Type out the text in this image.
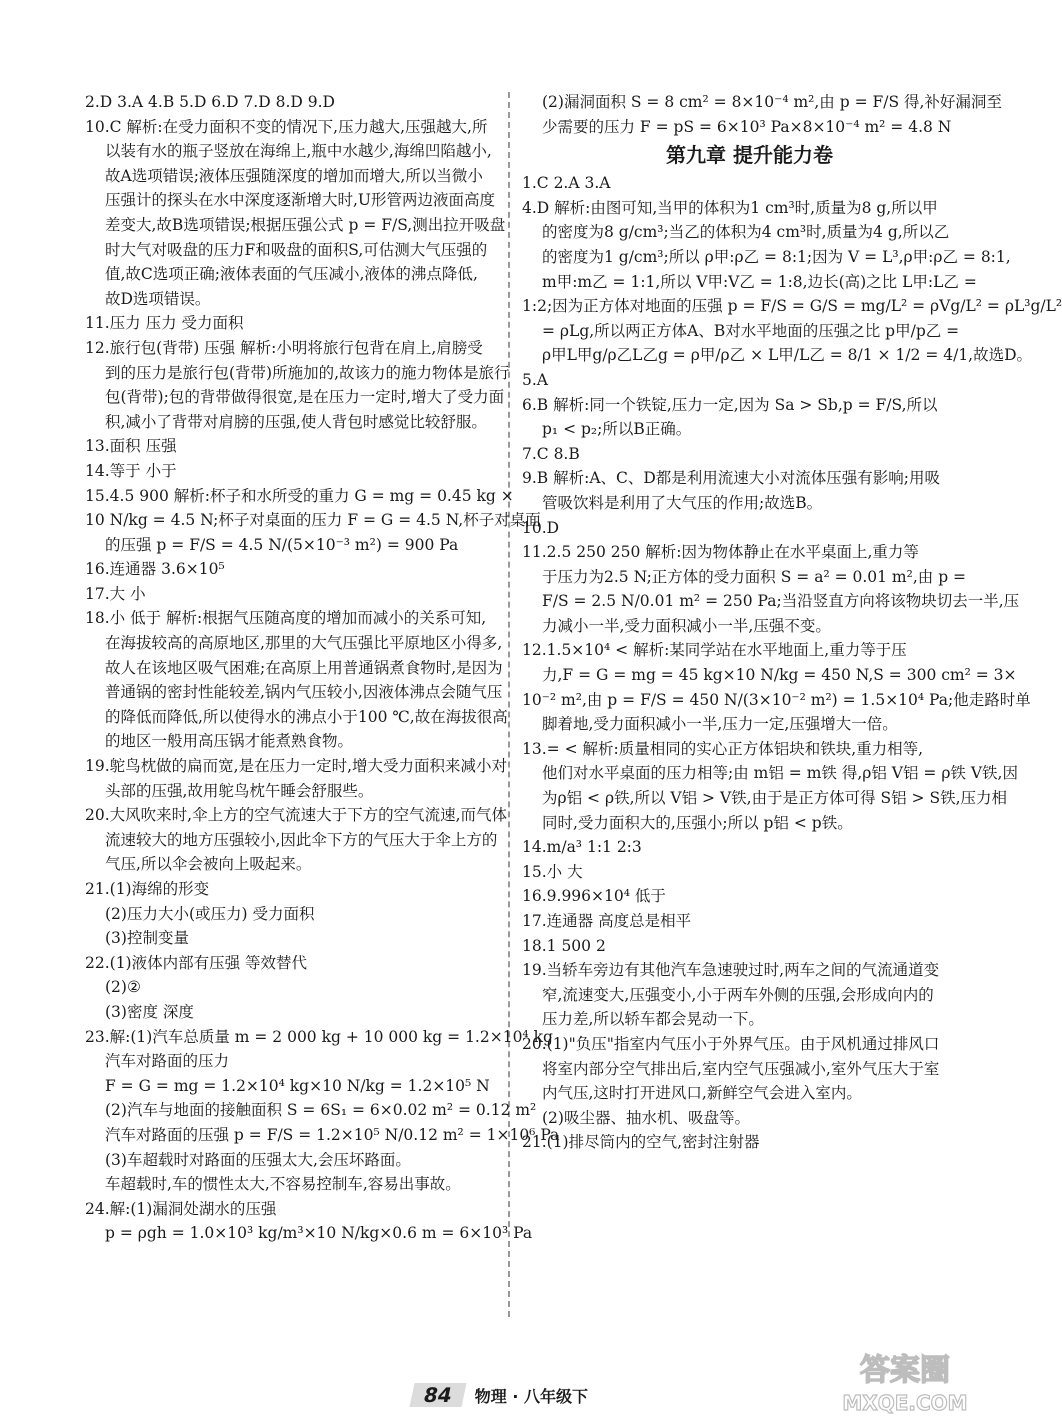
2.D 3.A 4.B 5.D 6.D 7.D 8.D 9.D
10.C 解析:在受力面积不变的情况下,压力越大,压强越大,所
以装有水的瓶子竖放在海绵上,瓶中水越少,海绵凹陷越小,
故A选项错误;液体压强随深度的增加而增大,所以当微小
压强计的探头在水中深度逐渐增大时,U形管两边液面高度
差变大,故B选项错误;根据压强公式 p = F/S,测出拉开吸盘
时大气对吸盘的压力F和吸盘的面积S,可估测大气压强的
值,故C选项正确;液体表面的气压减小,液体的沸点降低,
故D选项错误。
11.压力 压力 受力面积
12.旅行包(背带) 压强 解析:小明将旅行包背在肩上,肩膀受
到的压力是旅行包(背带)所施加的,故该力的施力物体是旅行
包(背带);包的背带做得很宽,是在压力一定时,增大了受力面
积,减小了背带对肩膀的压强,使人背包时感觉比较舒服。
13.面积 压强
14.等于 小于
15.4.5 900 解析:杯子和水所受的重力 G = mg = 0.45 kg ×
10 N/kg = 4.5 N;杯子对桌面的压力 F = G = 4.5 N,杯子对桌面
的压强 p = F/S = 4.5 N/(5×10⁻³ m²) = 900 Pa
16.连通器 3.6×10⁵
17.大 小
18.小 低于 解析:根据气压随高度的增加而减小的关系可知,
在海拔较高的高原地区,那里的大气压强比平原地区小得多,
故人在该地区吸气困难;在高原上用普通锅煮食物时,是因为
普通锅的密封性能较差,锅内气压较小,因液体沸点会随气压
的降低而降低,所以使得水的沸点小于100 ℃,故在海拔很高
的地区一般用高压锅才能煮熟食物。
19.鸵鸟枕做的扁而宽,是在压力一定时,增大受力面积来减小对
头部的压强,故用鸵鸟枕午睡会舒服些。
20.大风吹来时,伞上方的空气流速大于下方的空气流速,而气体
流速较大的地方压强较小,因此伞下方的气压大于伞上方的
气压,所以伞会被向上吸起来。
21.(1)海绵的形变
(2)压力大小(或压力) 受力面积
(3)控制变量
22.(1)液体内部有压强 等效替代
(2)②
(3)密度 深度
23.解:(1)汽车总质量 m = 2 000 kg + 10 000 kg = 1.2×10⁴ kg
汽车对路面的压力
F = G = mg = 1.2×10⁴ kg×10 N/kg = 1.2×10⁵ N
(2)汽车与地面的接触面积 S = 6S₁ = 6×0.02 m² = 0.12 m²
汽车对路面的压强 p = F/S = 1.2×10⁵ N/0.12 m² = 1×10⁶ Pa
(3)车超载时对路面的压强太大,会压坏路面。
车超载时,车的惯性太大,不容易控制车,容易出事故。
24.解:(1)漏洞处湖水的压强
p = ρgh = 1.0×10³ kg/m³×10 N/kg×0.6 m = 6×10³ Pa
(2)漏洞面积 S = 8 cm² = 8×10⁻⁴ m²,由 p = F/S 得,补好漏洞至
少需要的压力 F = pS = 6×10³ Pa×8×10⁻⁴ m² = 4.8 N
第九章 提升能力卷
1.C 2.A 3.A
4.D 解析:由图可知,当甲的体积为1 cm³时,质量为8 g,所以甲
的密度为8 g/cm³;当乙的体积为4 cm³时,质量为4 g,所以乙
的密度为1 g/cm³;所以 ρ甲:ρ乙 = 8:1;因为 V = L³,ρ甲:ρ乙 = 8:1,
m甲:m乙 = 1:1,所以 V甲:V乙 = 1:8,边长(高)之比 L甲:L乙 =
1:2;因为正方体对地面的压强 p = F/S = G/S = mg/L² = ρVg/L² = ρL³g/L²
= ρLg,所以两正方体A、B对水平地面的压强之比 p甲/p乙 =
ρ甲L甲g/ρ乙L乙g = ρ甲/ρ乙 × L甲/L乙 = 8/1 × 1/2 = 4/1,故选D。
5.A
6.B 解析:同一个铁锭,压力一定,因为 Sa > Sb,p = F/S,所以
p₁ < p₂;所以B正确。
7.C 8.B
9.B 解析:A、C、D都是利用流速大小对流体压强有影响;用吸
管吸饮料是利用了大气压的作用;故选B。
10.D
11.2.5 250 250 解析:因为物体静止在水平桌面上,重力等
于压力为2.5 N;正方体的受力面积 S = a² = 0.01 m²,由 p =
F/S = 2.5 N/0.01 m² = 250 Pa;当沿竖直方向将该物块切去一半,压
力减小一半,受力面积减小一半,压强不变。
12.1.5×10⁴ < 解析:某同学站在水平地面上,重力等于压
力,F = G = mg = 45 kg×10 N/kg = 450 N,S = 300 cm² = 3×
10⁻² m²,由 p = F/S = 450 N/(3×10⁻² m²) = 1.5×10⁴ Pa;他走路时单
脚着地,受力面积减小一半,压力一定,压强增大一倍。
13.= < 解析:质量相同的实心正方体铝块和铁块,重力相等,
他们对水平桌面的压力相等;由 m铝 = m铁 得,ρ铝 V铝 = ρ铁 V铁,因
为ρ铝 < ρ铁,所以 V铝 > V铁,由于是正方体可得 S铝 > S铁,压力相
同时,受力面积大的,压强小;所以 p铝 < p铁。
14.m/a³ 1:1 2:3
15.小 大
16.9.996×10⁴ 低于
17.连通器 高度总是相平
18.1 500 2
19.当轿车旁边有其他汽车急速驶过时,两车之间的气流通道变
窄,流速变大,压强变小,小于两车外侧的压强,会形成向内的
压力差,所以轿车都会晃动一下。
20.(1)"负压"指室内气压小于外界气压。由于风机通过排风口
将室内部分空气排出后,室内空气压强减小,室外气压大于室
内气压,这时打开进风口,新鲜空气会进入室内。
(2)吸尘器、抽水机、吸盘等。
21.(1)排尽筒内的空气,密封注射器
84 物理 · 八年级下
答案圈
MXQE.COM
